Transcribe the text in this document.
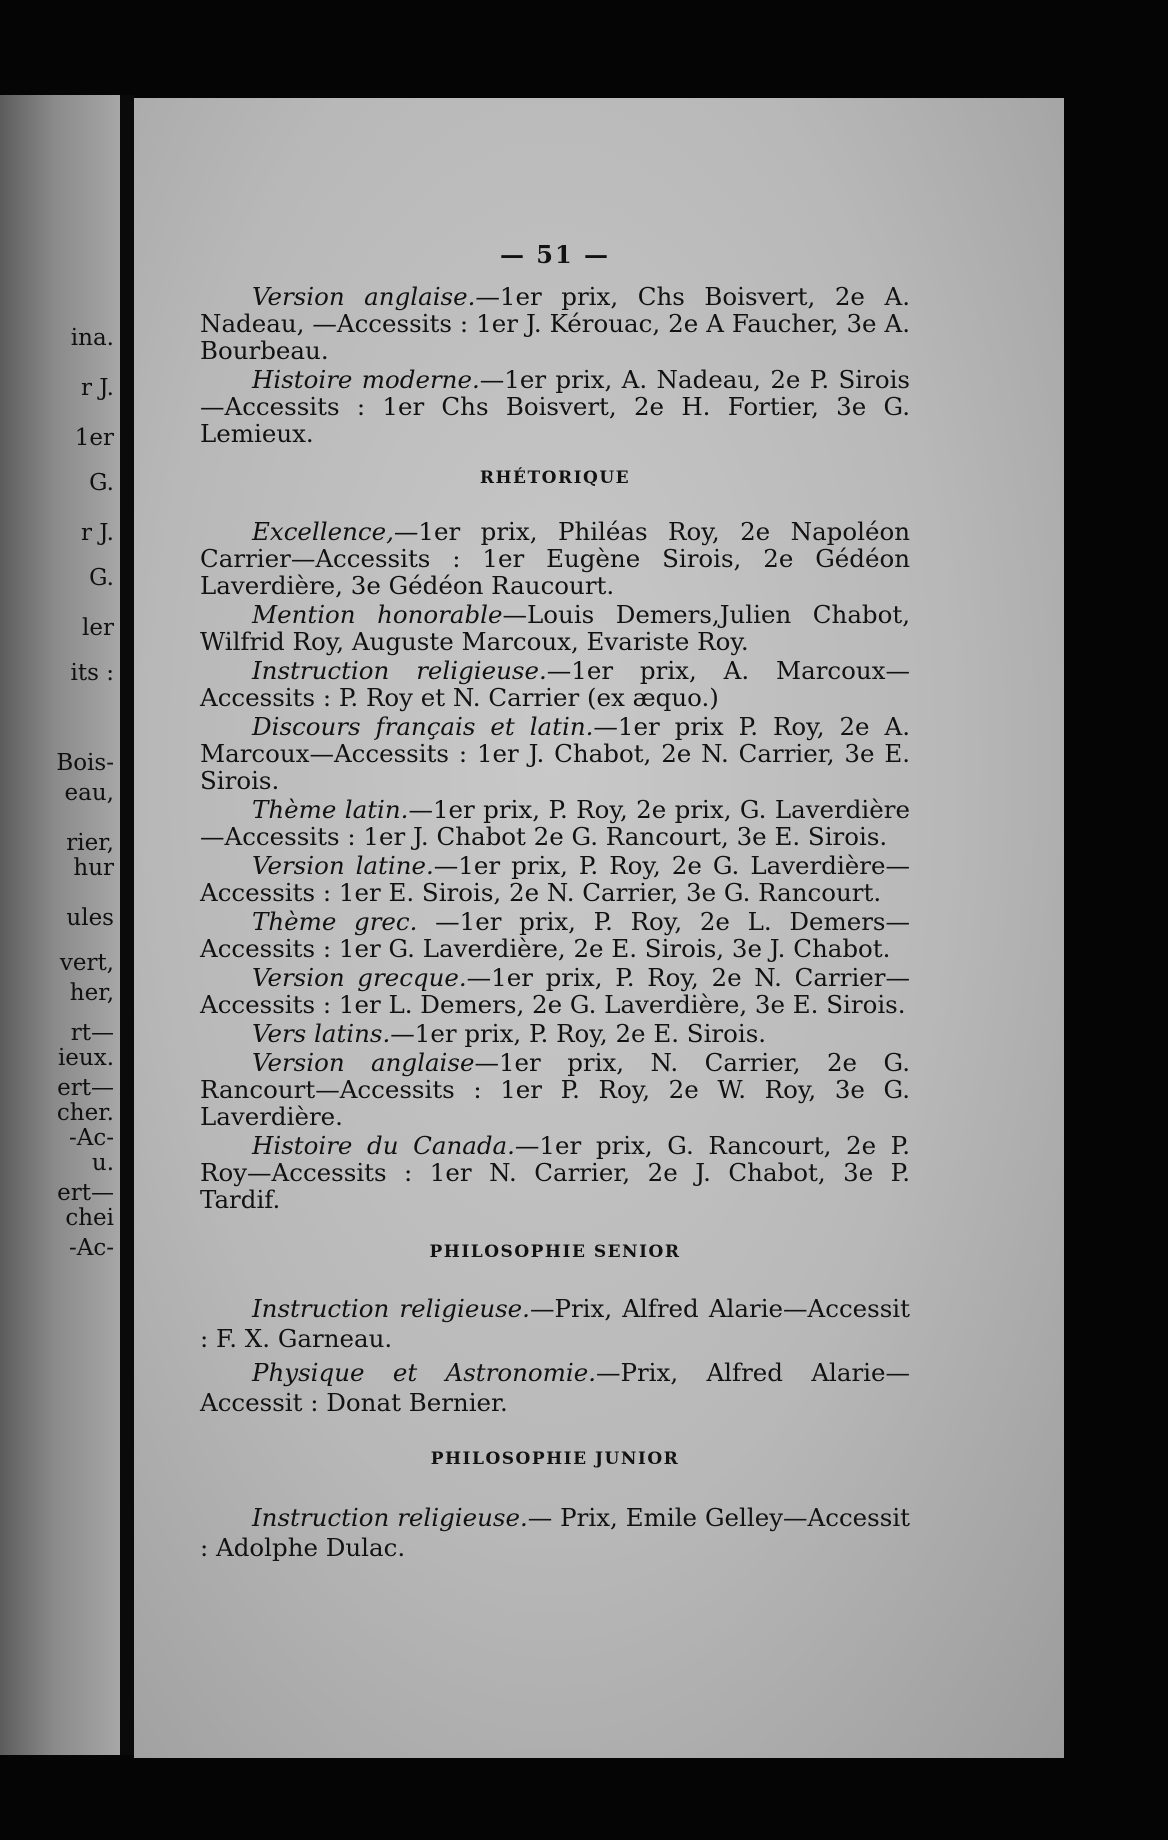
ina.
r J.
1er
G.
r J.
G.
ler
its :
Bois-
eau,
rier,
hur
ules
vert,
her,
rt—
ieux.
ert—
cher.
-Ac-
u.
ert—
chei
-Ac-
— 51 —

Version anglaise.—1er prix, Chs Boisvert, 2e A. Nadeau, —Accessits : 1er J. Kérouac, 2e A Faucher, 3e A. Bourbeau.

Histoire moderne.—1er prix, A. Nadeau, 2e P. Sirois—Accessits : 1er Chs Boisvert, 2e H. Fortier, 3e G. Lemieux.

RHÉTORIQUE

Excellence,—1er prix, Philéas Roy, 2e Napoléon Carrier—Accessits : 1er Eugène Sirois, 2e Gédéon Laverdière, 3e Gédéon Raucourt.

Mention honorable—Louis Demers,Julien Chabot, Wilfrid Roy, Auguste Marcoux, Evariste Roy.

Instruction religieuse.—1er prix, A. Marcoux—Accessits : P. Roy et N. Carrier (ex æquo.)

Discours français et latin.—1er prix P. Roy, 2e A. Marcoux—Accessits : 1er J. Chabot, 2e N. Carrier, 3e E. Sirois.

Thème latin.—1er prix, P. Roy, 2e prix, G. Laverdière—Accessits : 1er J. Chabot 2e G. Rancourt, 3e E. Sirois.

Version latine.—1er prix, P. Roy, 2e G. Laverdière—Accessits : 1er E. Sirois, 2e N. Carrier, 3e G. Rancourt.

Thème grec. —1er prix, P. Roy, 2e L. Demers—Accessits : 1er G. Laverdière, 2e E. Sirois, 3e J. Chabot.

Version grecque.—1er prix, P. Roy, 2e N. Carrier—Accessits : 1er L. Demers, 2e G. Laverdière, 3e E. Sirois.

Vers latins.—1er prix, P. Roy, 2e E. Sirois.

Version anglaise—1er prix, N. Carrier, 2e G. Rancourt—Accessits : 1er P. Roy, 2e W. Roy, 3e G. Laverdière.

Histoire du Canada.—1er prix, G. Rancourt, 2e P. Roy—Accessits : 1er N. Carrier, 2e J. Chabot, 3e P. Tardif.

PHILOSOPHIE SENIOR

Instruction religieuse.—Prix, Alfred Alarie—Accessit : F. X. Garneau.

Physique et Astronomie.—Prix, Alfred Alarie—Accessit : Donat Bernier.

PHILOSOPHIE JUNIOR

Instruction religieuse.— Prix, Emile Gelley—Accessit : Adolphe Dulac.
